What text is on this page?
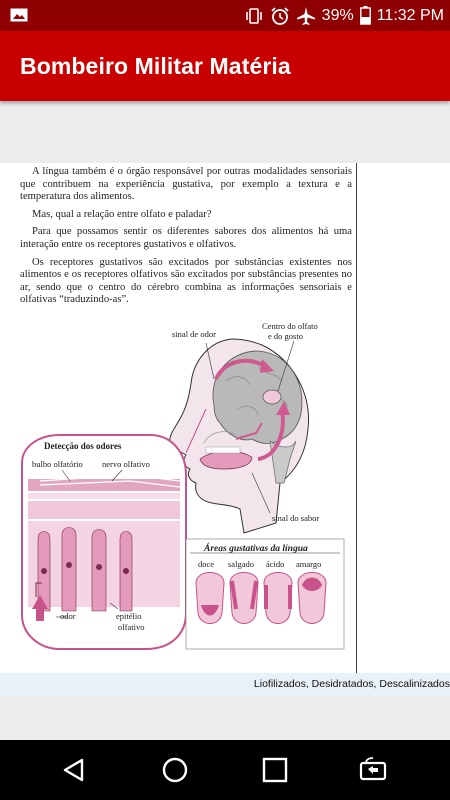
39% 11:32 PM
Bombeiro Militar Matéria

A língua também é o órgão responsável por outras modalidades sensoriais que contribuem na experiência gustativa, por exemplo a textura e a temperatura dos alimentos.

Mas, qual a relação entre olfato e paladar?

Para que possamos sentir os diferentes sabores dos alimentos há uma interação entre os receptores gustativos e olfativos.

Os receptores gustativos são excitados por substâncias existentes nos alimentos e os receptores olfativos são excitados por substâncias presentes no ar, sendo que o centro do cérebro combina as informações sensoriais e olfativas “traduzindo-as”.

sinal de odor
Centro do olfato
e do gosto
Detecção dos odores
bulbo olfatório nervo olfativo
sinal do sabor
Áreas gustativas da língua
doce salgado ácido amargo
odor	epitélio
olfativo
Liofilizados, Desidratados, Descalinizados
